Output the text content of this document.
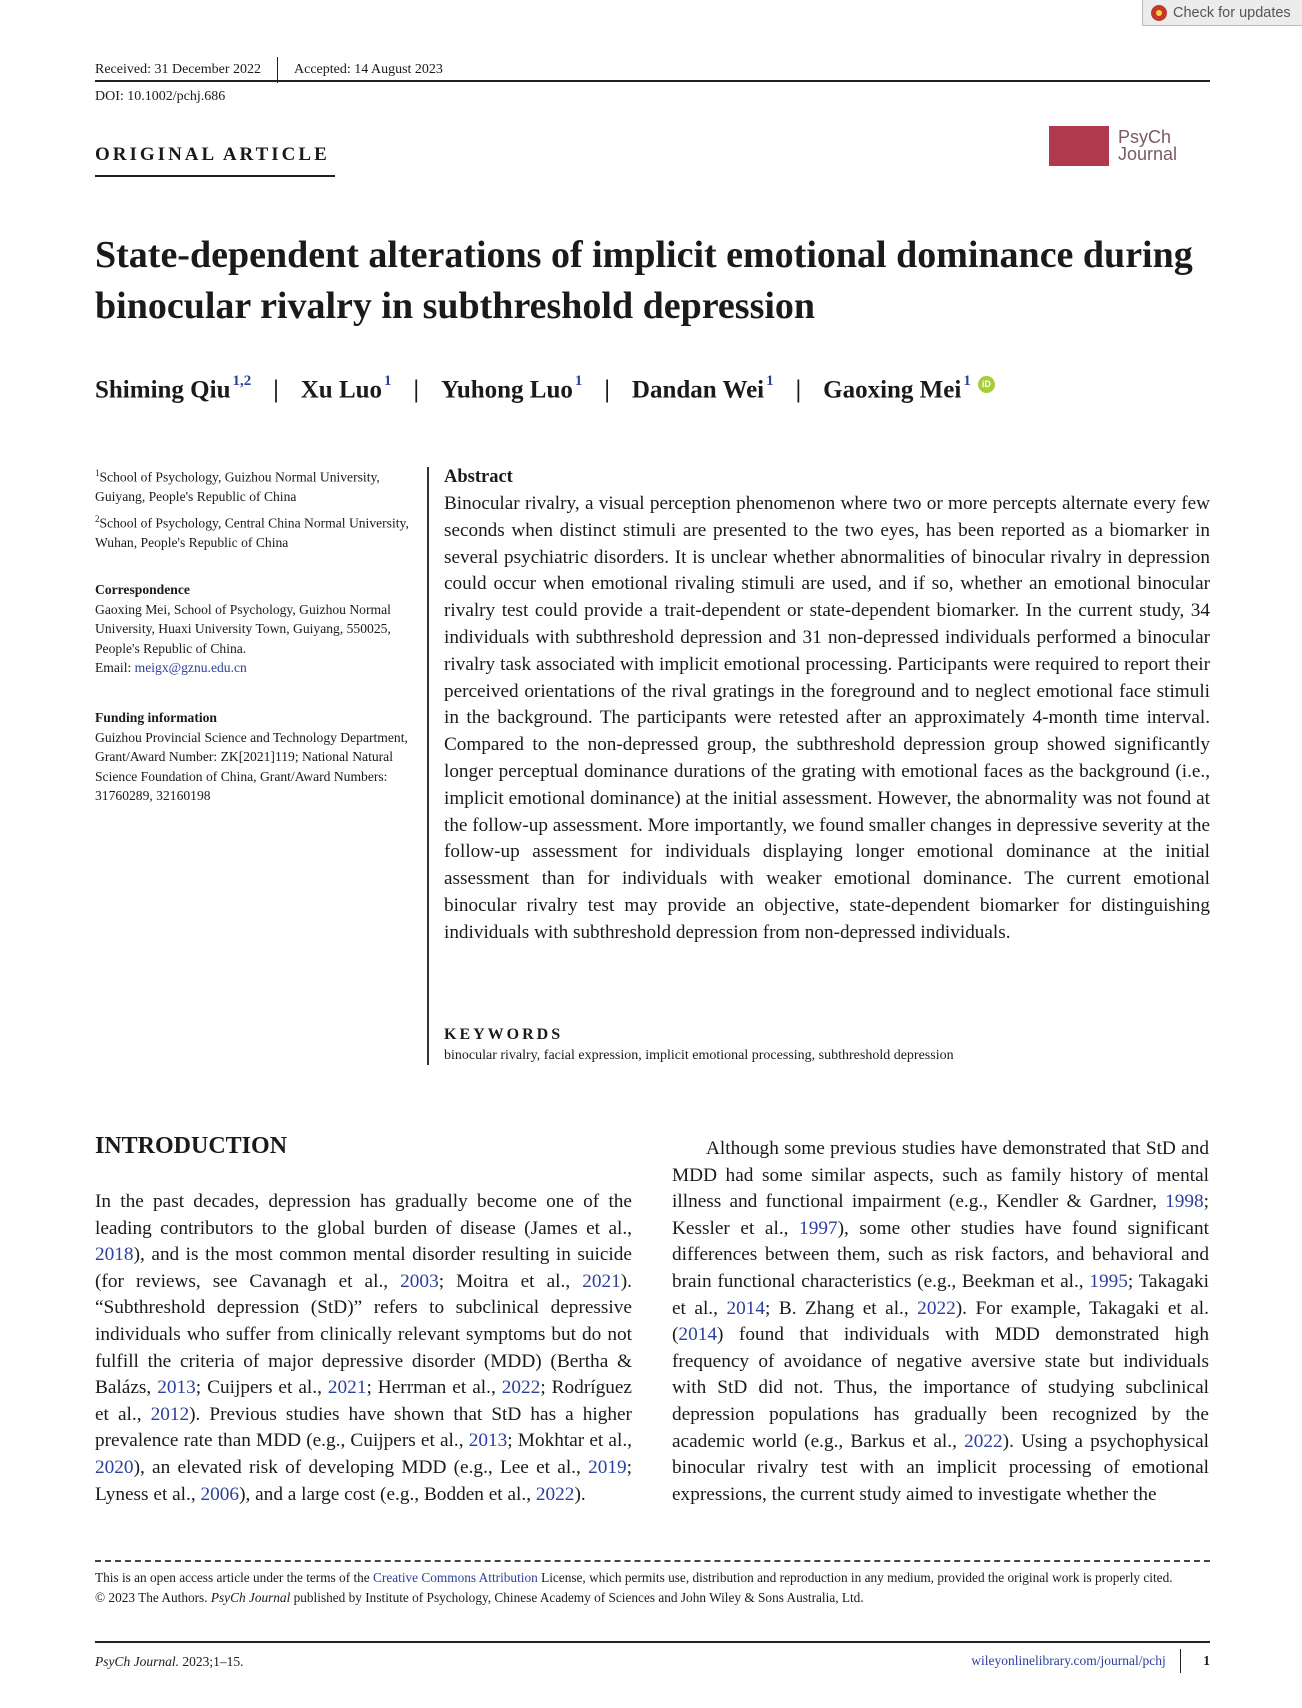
Check for updates
Received: 31 December 2022 Accepted: 14 August 2023
DOI: 10.1002/pchj.686
ORIGINAL ARTICLE
PsyCh
Journal
State-dependent alterations of implicit emotional dominance during binocular rivalry in subthreshold depression
Shiming Qiu $^{1,2}$ | Xu Luo $^1$ | Yuhong Luo $^1$ | Dandan Wei $^1$ | Gaoxing Mei $^1$	iD
$^1$School of Psychology, Guizhou Normal University, Guiyang, People's Republic of China
$^2$School of Psychology, Central China Normal University, Wuhan, People's Republic of China
Correspondence
Gaoxing Mei, School of Psychology, Guizhou Normal University, Huaxi University Town, Guiyang, 550025, People's Republic of China.
Email: meigx@gznu.edu.cn
Funding information
Guizhou Provincial Science and Technology Department, Grant/Award Number: ZK[2021]119; National Natural Science Foundation of China, Grant/Award Numbers: 31760289, 32160198
Abstract
Binocular rivalry, a visual perception phenomenon where two or more percepts alternate every few seconds when distinct stimuli are presented to the two eyes, has been reported as a biomarker in several psychiatric disorders. It is unclear whether abnormalities of binocular rivalry in depression could occur when emotional rivaling stimuli are used, and if so, whether an emotional binocular rivalry test could provide a trait-dependent or state-dependent biomarker. In the current study, 34 individuals with subthreshold depression and 31 non-depressed individuals performed a binocular rivalry task associated with implicit emotional processing. Participants were required to report their perceived orientations of the rival gratings in the foreground and to neglect emotional face stimuli in the background. The participants were retested after an approximately 4-month time interval. Compared to the non-depressed group, the subthreshold depression group showed significantly longer perceptual dominance durations of the grating with emotional faces as the background (i.e., implicit emotional dominance) at the initial assessment. However, the abnormality was not found at the follow-up assessment. More importantly, we found smaller changes in depressive severity at the follow-up assessment for individuals displaying longer emotional dominance at the initial assessment than for individuals with weaker emotional dominance. The current emotional binocular rivalry test may provide an objective, state-dependent biomarker for distinguishing individuals with subthreshold depression from non-depressed individuals.
KEYWORDS
binocular rivalry, facial expression, implicit emotional processing, subthreshold depression
INTRODUCTION
In the past decades, depression has gradually become one of the leading contributors to the global burden of disease (James et al., 2018), and is the most common mental disorder resulting in suicide (for reviews, see Cavanagh et al., 2003; Moitra et al., 2021). “Subthreshold depression (StD)” refers to subclinical depressive individuals who suffer from clinically relevant symptoms but do not fulfill the criteria of major depressive disorder (MDD) (Bertha & Balázs, 2013; Cuijpers et al., 2021; Herrman et al., 2022; Rodríguez et al., 2012). Previous studies have shown that StD has a higher prevalence rate than MDD (e.g., Cuijpers et al., 2013; Mokhtar et al., 2020), an elevated risk of developing MDD (e.g., Lee et al., 2019; Lyness et al., 2006), and a large cost (e.g., Bodden et al., 2022).
Although some previous studies have demonstrated that StD and MDD had some similar aspects, such as family history of mental illness and functional impairment (e.g., Kendler & Gardner, 1998; Kessler et al., 1997), some other studies have found significant differences between them, such as risk factors, and behavioral and brain functional characteristics (e.g., Beekman et al., 1995; Takagaki et al., 2014; B. Zhang et al., 2022). For example, Takagaki et al. (2014) found that individuals with MDD demonstrated high frequency of avoidance of negative aversive state but individuals with StD did not. Thus, the importance of studying subclinical depression populations has gradually been recognized by the academic world (e.g., Barkus et al., 2022). Using a psychophysical binocular rivalry test with an implicit processing of emotional expressions, the current study aimed to investigate whether the
This is an open access article under the terms of the Creative Commons Attribution License, which permits use, distribution and reproduction in any medium, provided the original work is properly cited.
© 2023 The Authors. PsyCh Journal published by Institute of Psychology, Chinese Academy of Sciences and John Wiley & Sons Australia, Ltd.
PsyCh Journal. 2023;1–15.	wileyonlinelibrary.com/journal/pchj	1
